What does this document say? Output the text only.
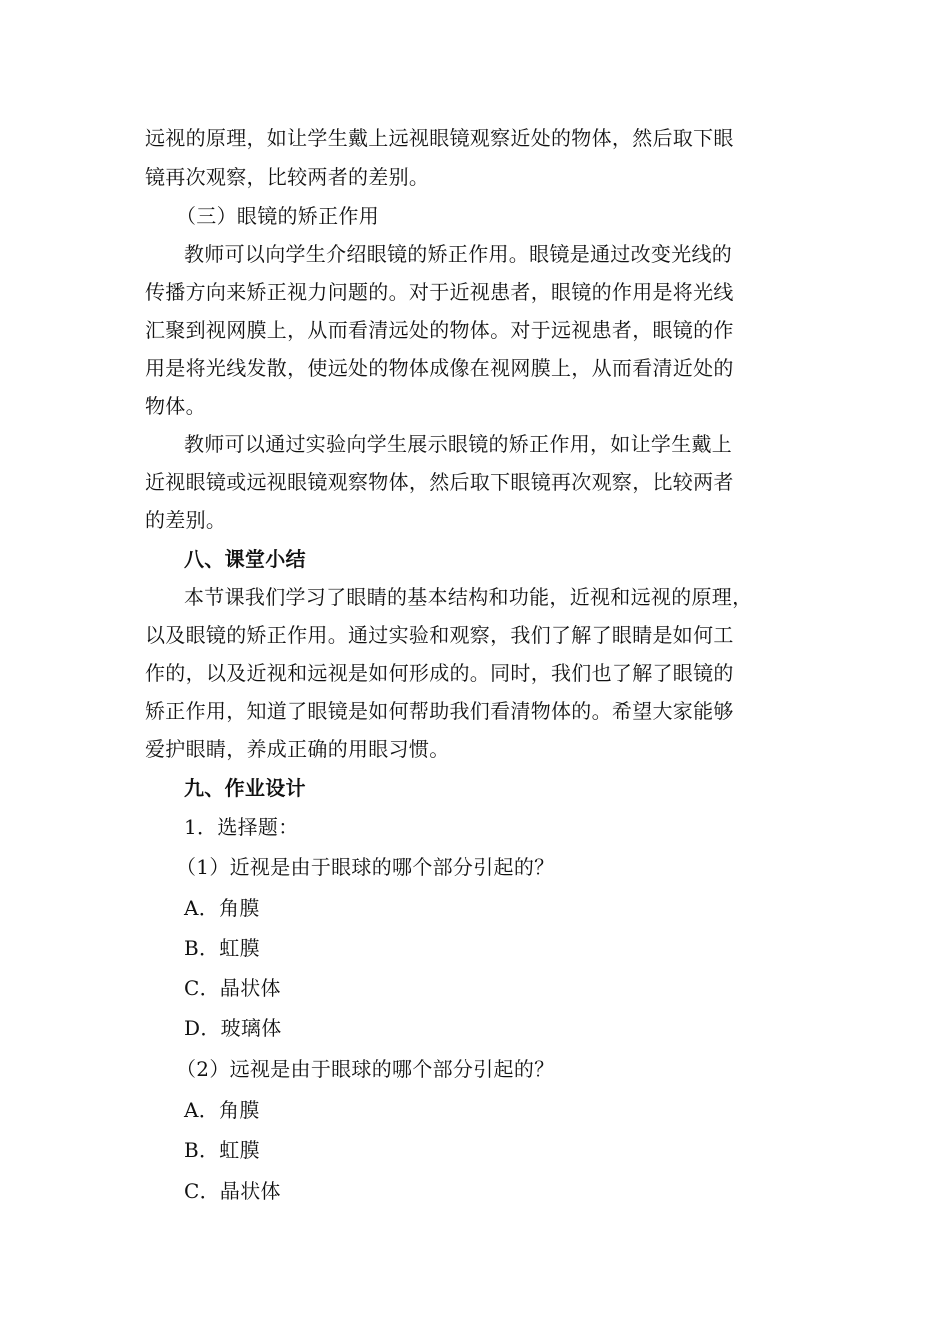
远视的原理，如让学生戴上远视眼镜观察近处的物体，然后取下眼
镜再次观察，比较两者的差别。
（三）眼镜的矫正作用
教师可以向学生介绍眼镜的矫正作用。眼镜是通过改变光线的
传播方向来矫正视力问题的。对于近视患者，眼镜的作用是将光线
汇聚到视网膜上，从而看清远处的物体。对于远视患者，眼镜的作
用是将光线发散，使远处的物体成像在视网膜上，从而看清近处的
物体。
教师可以通过实验向学生展示眼镜的矫正作用，如让学生戴上
近视眼镜或远视眼镜观察物体，然后取下眼镜再次观察，比较两者
的差别。
八、课堂小结
本节课我们学习了眼睛的基本结构和功能，近视和远视的原理，
以及眼镜的矫正作用。通过实验和观察，我们了解了眼睛是如何工
作的，以及近视和远视是如何形成的。同时，我们也了解了眼镜的
矫正作用，知道了眼镜是如何帮助我们看清物体的。希望大家能够
爱护眼睛，养成正确的用眼习惯。
九、作业设计
1．选择题：
（1）近视是由于眼球的哪个部分引起的？
A．角膜
B．虹膜
C．晶状体
D．玻璃体
（2）远视是由于眼球的哪个部分引起的？
A．角膜
B．虹膜
C．晶状体
